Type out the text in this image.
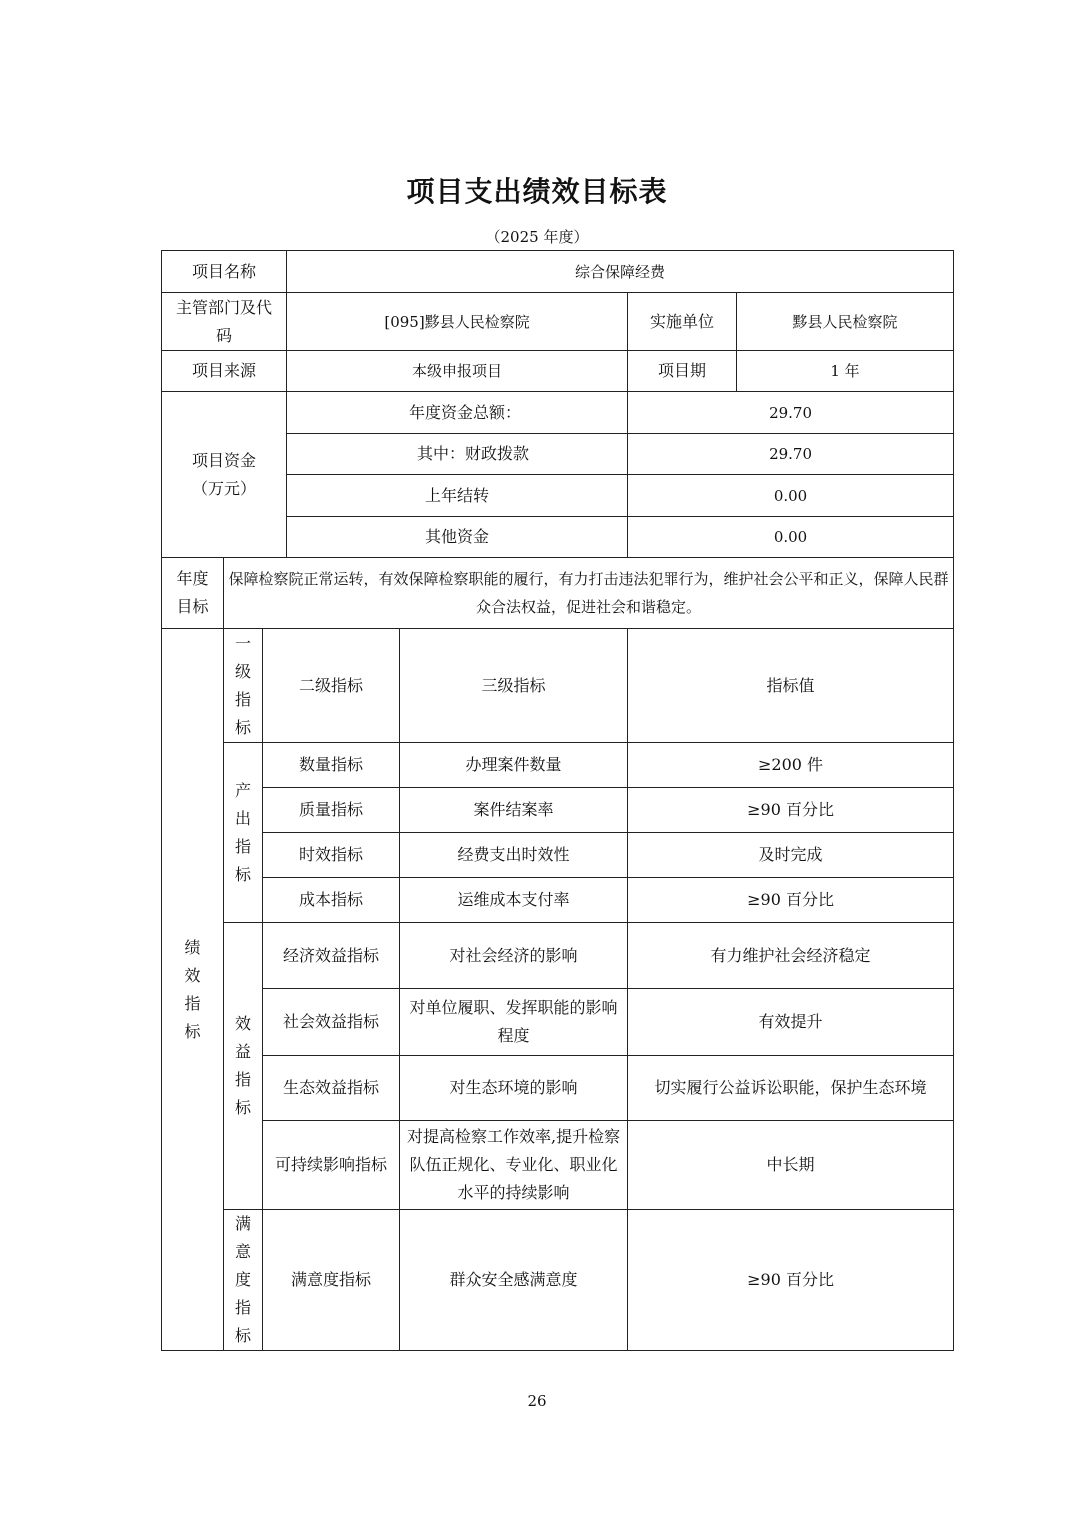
项目支出绩效目标表
（2025 年度）
项目名称			综合保障经费			
主管部门及代码			[095]黟县人民检察院		实施单位	黟县人民检察院
项目来源			本级申报项目		项目期	1 年
项目资金（万元）			年度资金总额：		29.70	
			其中：财政拨款		29.70	
			上年结转		0.00	
			其他资金		0.00	
年度目标	保障检察院正常运转，有效保障检察职能的履行，有力打击违法犯罪行为，维护社会公平和正义，保障人民群众合法权益，促进社会和谐稳定。					
绩效指标	一级指标	二级指标		三级指标	指标值	
	产出指标	数量指标		办理案件数量	≥200 件	
		质量指标		案件结案率	≥90 百分比	
		时效指标		经费支出时效性	及时完成	
		成本指标		运维成本支付率	≥90 百分比	
	效益指标	经济效益指标		对社会经济的影响	有力维护社会经济稳定	
		社会效益指标		对单位履职、发挥职能的影响程度	有效提升	
		生态效益指标		对生态环境的影响	切实履行公益诉讼职能，保护生态环境	
		可持续影响指标		对提高检察工作效率,提升检察队伍正规化、专业化、职业化水平的持续影响	中长期	
	满意度指标	满意度指标		群众安全感满意度	≥90 百分比	
26
